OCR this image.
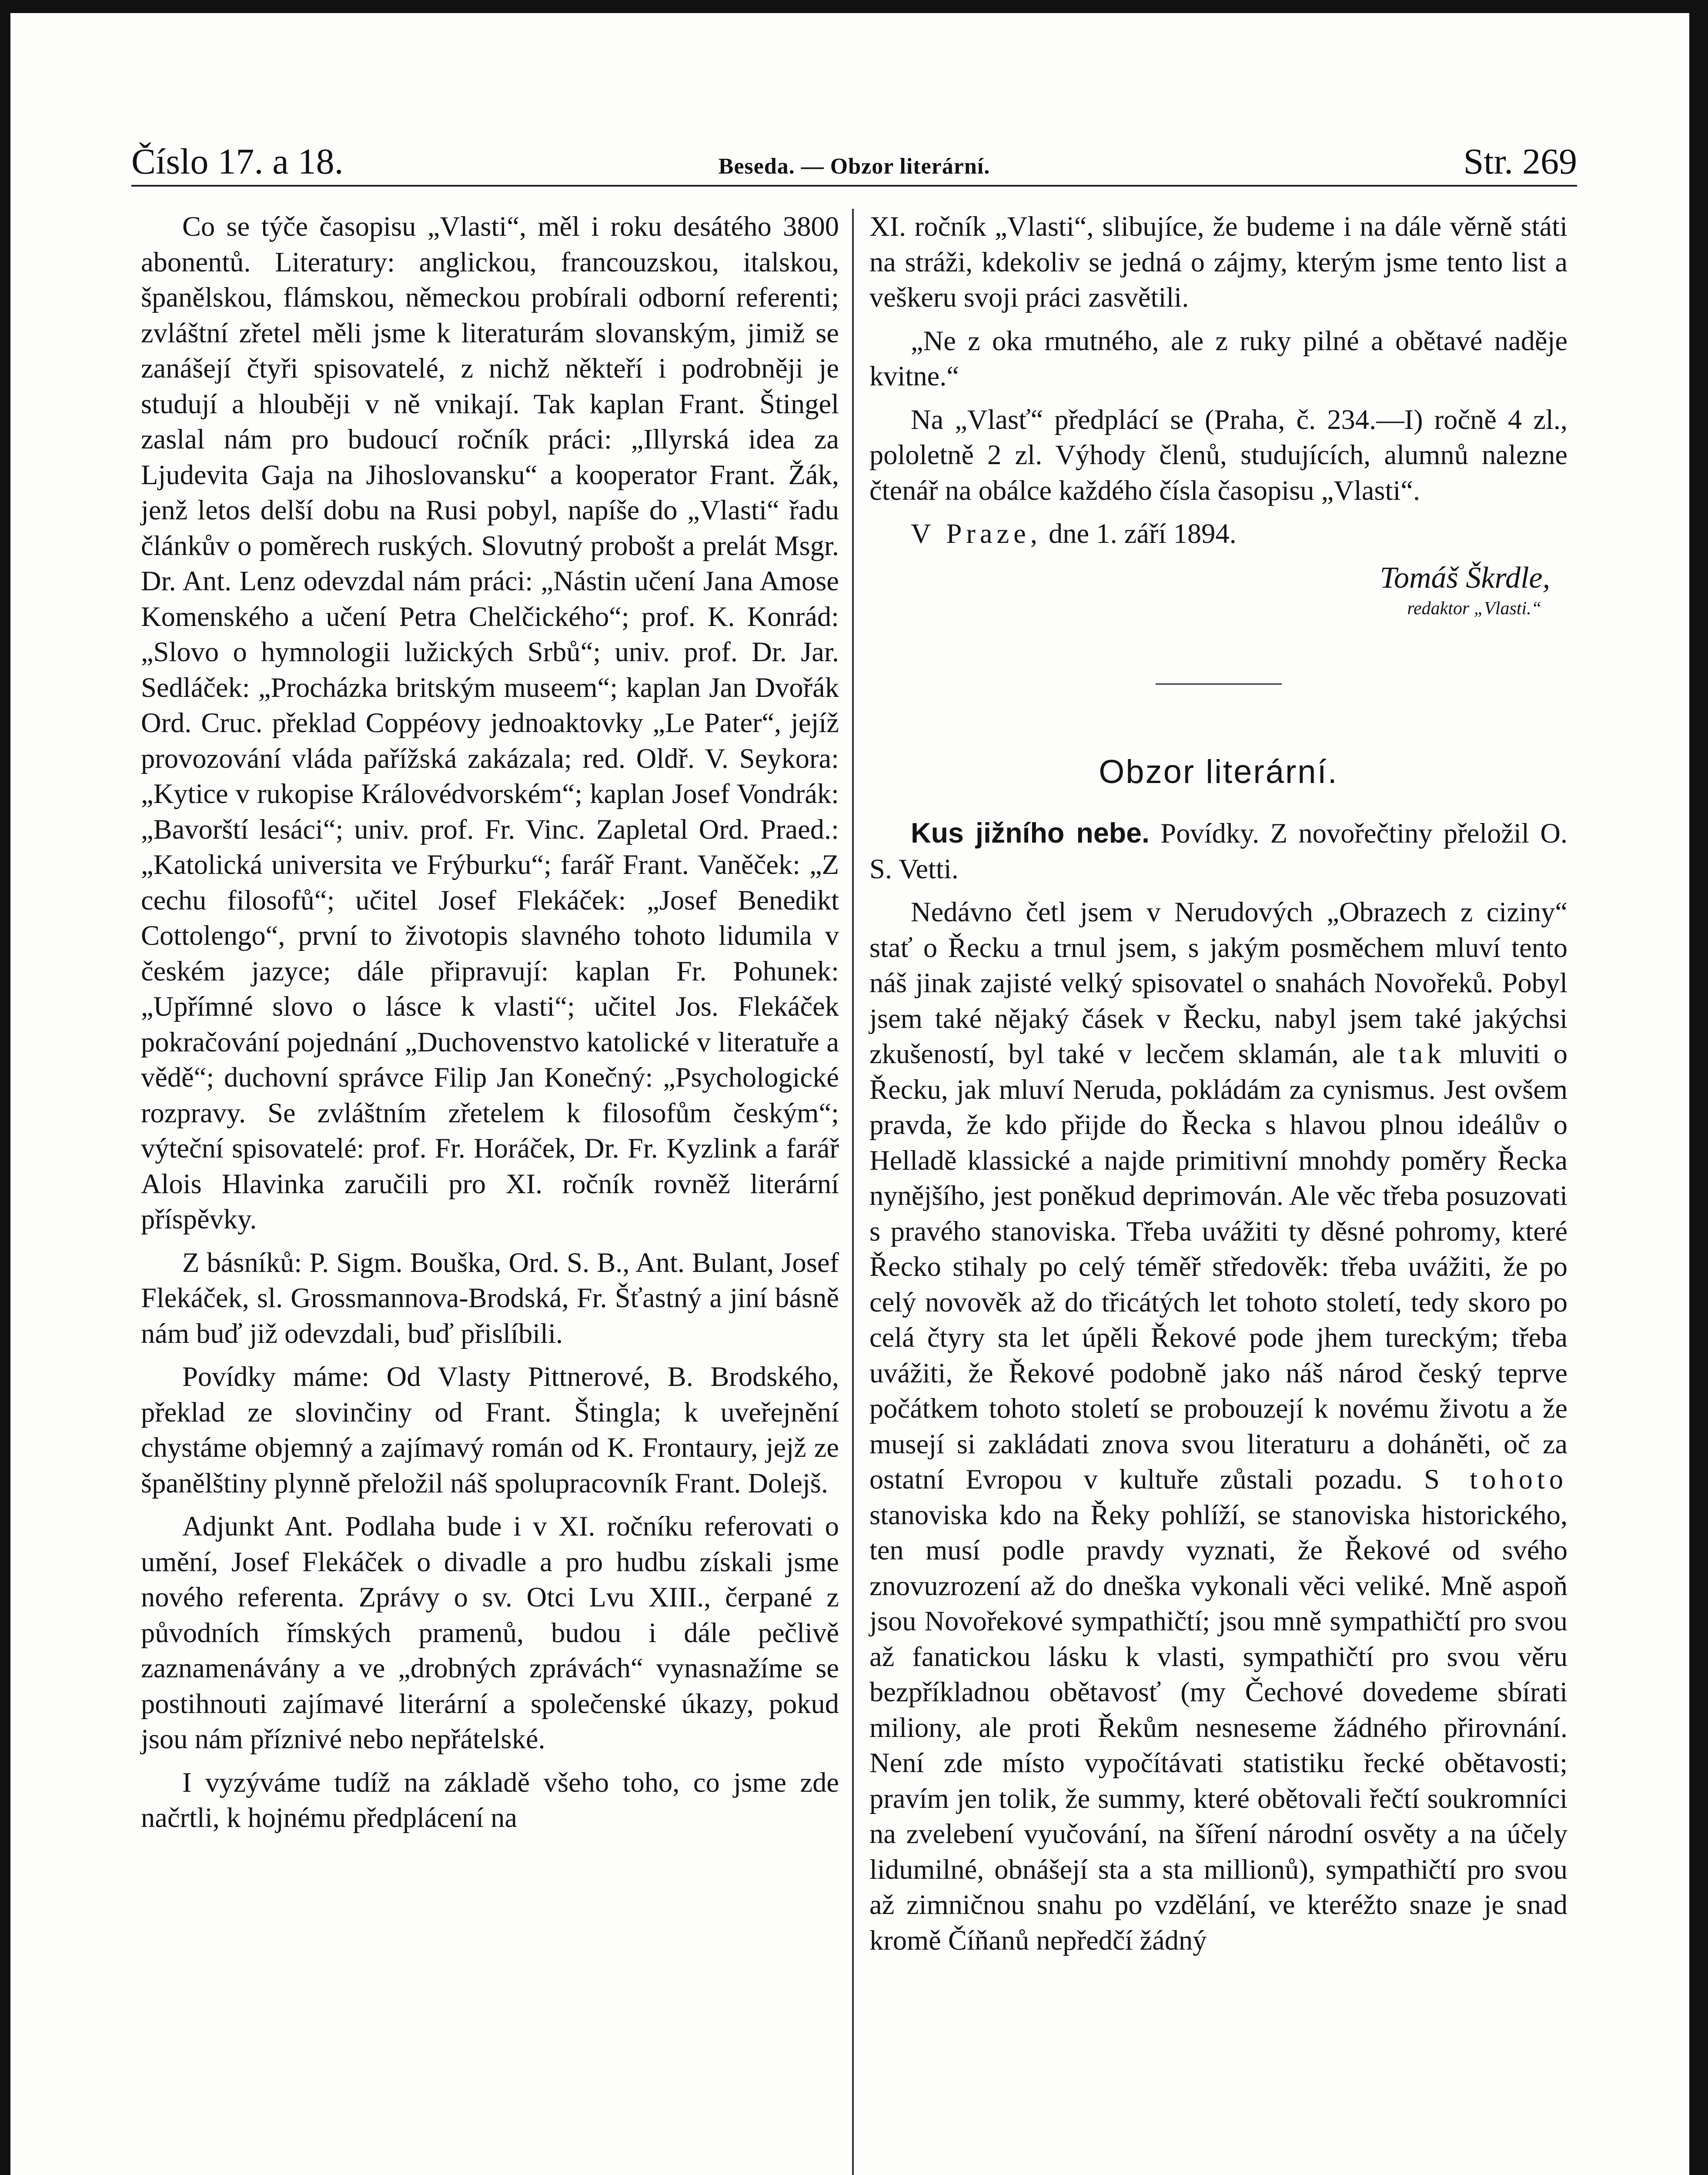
Číslo 17. a 18.	Beseda. — Obzor literární.	Str. 269

Co se týče časopisu „Vlasti“, měl i roku desátého 3800 abonentů. Literatury: anglickou, francouzskou, italskou, španělskou, flámskou, německou probírali odborní referenti; zvláštní zřetel měli jsme k literaturám slovanským, jimiž se zanášejí čtyři spisovatelé, z nichž někteří i podrobněji je studují a hlouběji v ně vnikají. Tak kaplan Frant. Štingel zaslal nám pro budoucí ročník práci: „Illyrská idea za Ljudevita Gaja na Jihoslovansku“ a kooperator Frant. Žák, jenž letos delší dobu na Rusi pobyl, napíše do „Vlasti“ řadu článkův o poměrech ruských. Slovutný probošt a prelát Msgr. Dr. Ant. Lenz odevzdal nám práci: „Nástin učení Jana Amose Komenského a učení Petra Chelčického“; prof. K. Konrád: „Slovo o hymnologii lužických Srbů“; univ. prof. Dr. Jar. Sedláček: „Procházka britským museem“; kaplan Jan Dvořák Ord. Cruc. překlad Coppéovy jednoaktovky „Le Pater“, jejíž provozování vláda pařížská zakázala; red. Oldř. V. Seykora: „Kytice v rukopise Královédvorském“; kaplan Josef Vondrák: „Bavorští lesáci“; univ. prof. Fr. Vinc. Zapletal Ord. Praed.: „Katolická universita ve Frýburku“; farář Frant. Vaněček: „Z cechu filosofů“; učitel Josef Flekáček: „Josef Benedikt Cottolengo“, první to životopis slavného tohoto lidumila v českém jazyce; dále připravují: kaplan Fr. Pohunek: „Upřímné slovo o lásce k vlasti“; učitel Jos. Flekáček pokračování pojednání „Duchovenstvo katolické v literatuře a vědě“; duchovní správce Filip Jan Konečný: „Psychologické rozpravy. Se zvláštním zřetelem k filosofům českým“; výteční spisovatelé: prof. Fr. Horáček, Dr. Fr. Kyzlink a farář Alois Hlavinka zaručili pro XI. ročník rovněž literární příspěvky.

Z básníků: P. Sigm. Bouška, Ord. S. B., Ant. Bulant, Josef Flekáček, sl. Grossmannova-Brodská, Fr. Šťastný a jiní básně nám buď již odevzdali, buď přislíbili.

Povídky máme: Od Vlasty Pittnerové, B. Brodského, překlad ze slovinčiny od Frant. Štingla; k uveřejnění chystáme objemný a zajímavý román od K. Frontaury, jejž ze španělštiny plynně přeložil náš spolupracovník Frant. Dolejš.

Adjunkt Ant. Podlaha bude i v XI. ročníku referovati o umění, Josef Flekáček o divadle a pro hudbu získali jsme nového referenta. Zprávy o sv. Otci Lvu XIII., čerpané z původních římských pramenů, budou i dále pečlivě zaznamenávány a ve „drobných zprávách“ vynasnažíme se postihnouti zajímavé literární a společenské úkazy, pokud jsou nám příznivé nebo nepřátelské.

I vyzýváme tudíž na základě všeho toho, co jsme zde načrtli, k hojnému předplácení na

XI. ročník „Vlasti“, slibujíce, že budeme i na dále věrně státi na stráži, kdekoliv se jedná o zájmy, kterým jsme tento list a veškeru svoji práci zasvětili.

„Ne z oka rmutného, ale z ruky pilné a obětavé naděje kvitne.“

Na „Vlasť“ předplácí se (Praha, č. 234.—I) ročně 4 zl., pololetně 2 zl. Výhody členů, studujících, alumnů nalezne čtenář na obálce každého čísla časopisu „Vlasti“.

V Praze, dne 1. září 1894.

Tomáš Škrdle,
redaktor „Vlasti.“
Obzor literární.

Kus jižního nebe. Povídky. Z novořečtiny přeložil O. S. Vetti.

Nedávno četl jsem v Nerudových „Obrazech z ciziny“ stať o Řecku a trnul jsem, s jakým posměchem mluví tento náš jinak zajisté velký spisovatel o snahách Novořeků. Pobyl jsem také nějaký čásek v Řecku, nabyl jsem také jakýchsi zkušeností, byl také v lecčem sklamán, ale tak mluviti o Řecku, jak mluví Neruda, pokládám za cynismus. Jest ovšem pravda, že kdo přijde do Řecka s hlavou plnou ideálův o Helladě klassické a najde primitivní mnohdy poměry Řecka nynějšího, jest poněkud deprimován. Ale věc třeba posuzovati s pravého stanoviska. Třeba uvážiti ty děsné pohromy, které Řecko stihaly po celý téměř středověk: třeba uvážiti, že po celý novověk až do třicátých let tohoto století, tedy skoro po celá čtyry sta let úpěli Řekové pode jhem tureckým; třeba uvážiti, že Řekové podobně jako náš národ český teprve počátkem tohoto století se probouzejí k novému životu a že musejí si zakládati znova svou literaturu a doháněti, oč za ostatní Evropou v kultuře zůstali pozadu. S tohoto stanoviska kdo na Řeky pohlíží, se stanoviska historického, ten musí podle pravdy vyznati, že Řekové od svého znovuzrození až do dneška vykonali věci veliké. Mně aspoň jsou Novořekové sympathičtí; jsou mně sympathičtí pro svou až fanatickou lásku k vlasti, sympathičtí pro svou věru bezpříkladnou obětavosť (my Čechové dovedeme sbírati miliony, ale proti Řekům nesneseme žádného přirovnání. Není zde místo vypočítávati statistiku řecké obětavosti; pravím jen tolik, že summy, které obětovali řečtí soukromníci na zvelebení vyučování, na šíření národní osvěty a na účely lidumilné, obnášejí sta a sta millionů), sympathičtí pro svou až zimničnou snahu po vzdělání, ve kteréžto snaze je snad kromě Číňanů nepředčí žádný
